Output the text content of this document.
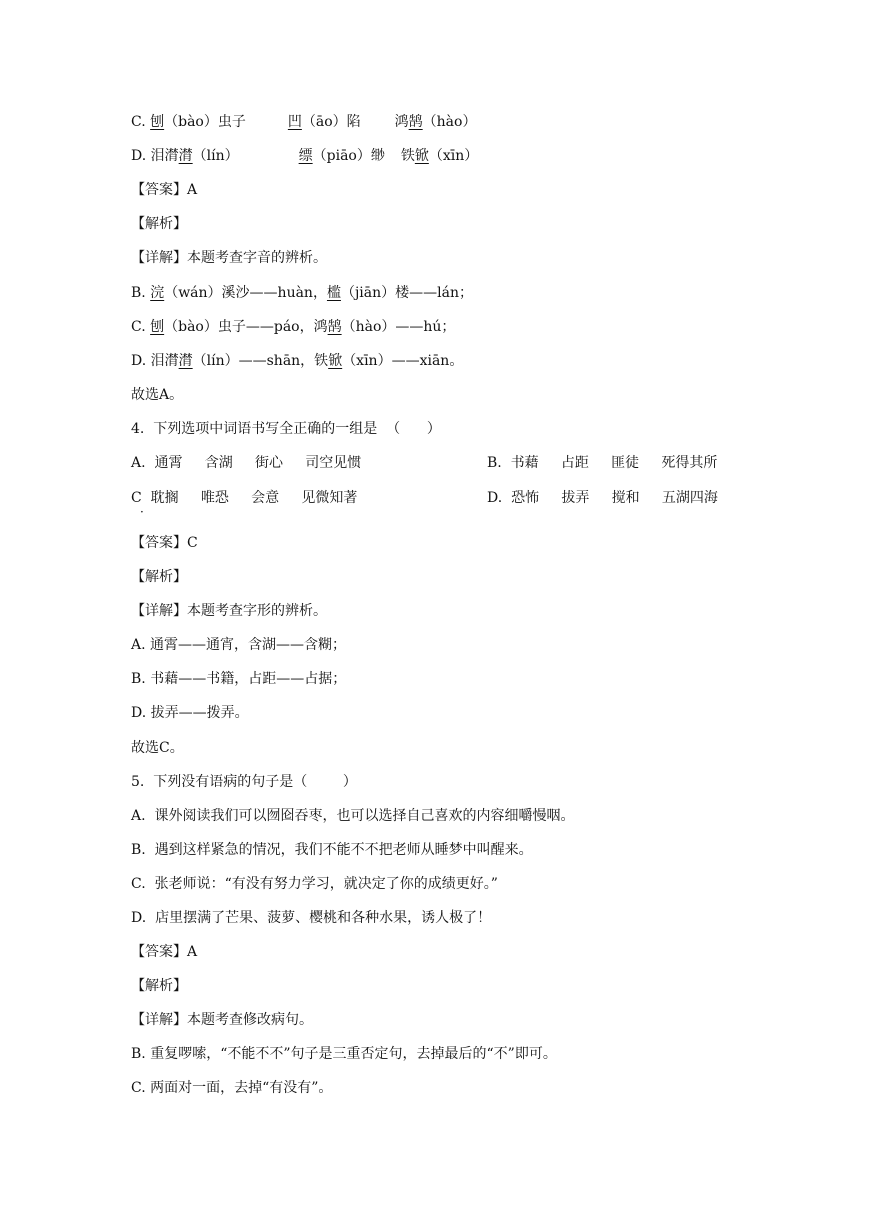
C. 刨（bào）虫子	凹（āo）陷 鸿鹄（hào）
D. 泪潸潸（lín）	缥（piāo）缈 铁锨（xīn）
【答案】A
【解析】
【详解】本题考查字音的辨析。
B. 浣（wán）溪沙——huàn，槛（jiān）楼——lán；
C. 刨（bào）虫子——páo，鸿鹄（hào）——hú；
D. 泪潸潸（lín）——shān，铁锨（xīn）——xiān。
故选A。
4.  下列选项中词语书写全正确的一组是  （      ）
A.  通霄     含湖     街心     司空见惯	B.  书藉     占距     匪徒     死得其所
C  耽搁     唯恐     会意     见微知著	D.  恐怖     拔弄     搅和     五湖四海
·
【答案】C
【解析】
【详解】本题考查字形的辨析。
A. 通霄——通宵，含湖——含糊；
B. 书藉——书籍，占距——占据；
D. 拔弄——拨弄。
故选C。
5.  下列没有语病的句子是（        ）
A.  课外阅读我们可以囫囵吞枣，也可以选择自己喜欢的内容细嚼慢咽。
B.  遇到这样紧急的情况，我们不能不不把老师从睡梦中叫醒来。
C.  张老师说：“有没有努力学习，就决定了你的成绩更好。”
D.  店里摆满了芒果、菠萝、樱桃和各种水果，诱人极了！
【答案】A
【解析】
【详解】本题考查修改病句。
B. 重复啰嗦，“不能不不”句子是三重否定句，去掉最后的“不”即可。
C. 两面对一面，去掉“有没有”。
